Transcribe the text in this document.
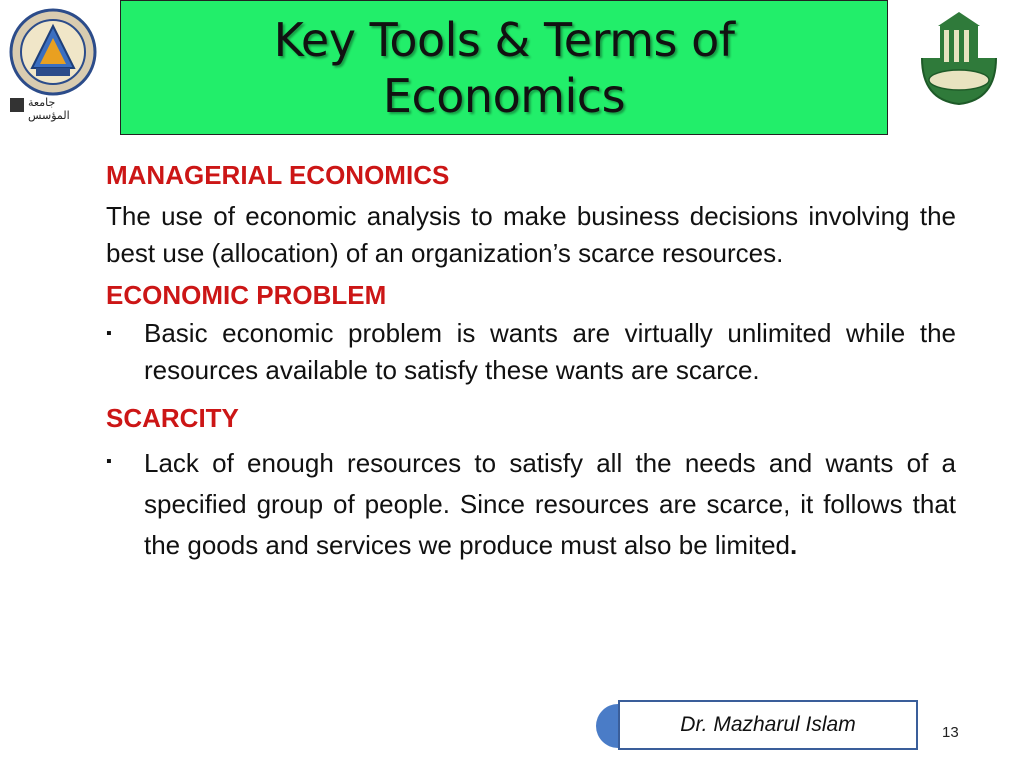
جامعة المؤسس
Key Tools & Terms of
Economics
MANAGERIAL ECONOMICS

The use of economic analysis to make business decisions involving the best use (allocation) of an organization’s scarce resources.

ECONOMIC PROBLEM
▪	Basic economic problem is wants are virtually unlimited while the resources available to satisfy these wants are scarce.

SCARCITY
▪	Lack of enough resources to satisfy all the needs and wants of a specified group of people. Since resources are scarce, it follows that the goods and services we produce must also be limited.

Dr. Mazharul Islam	13
